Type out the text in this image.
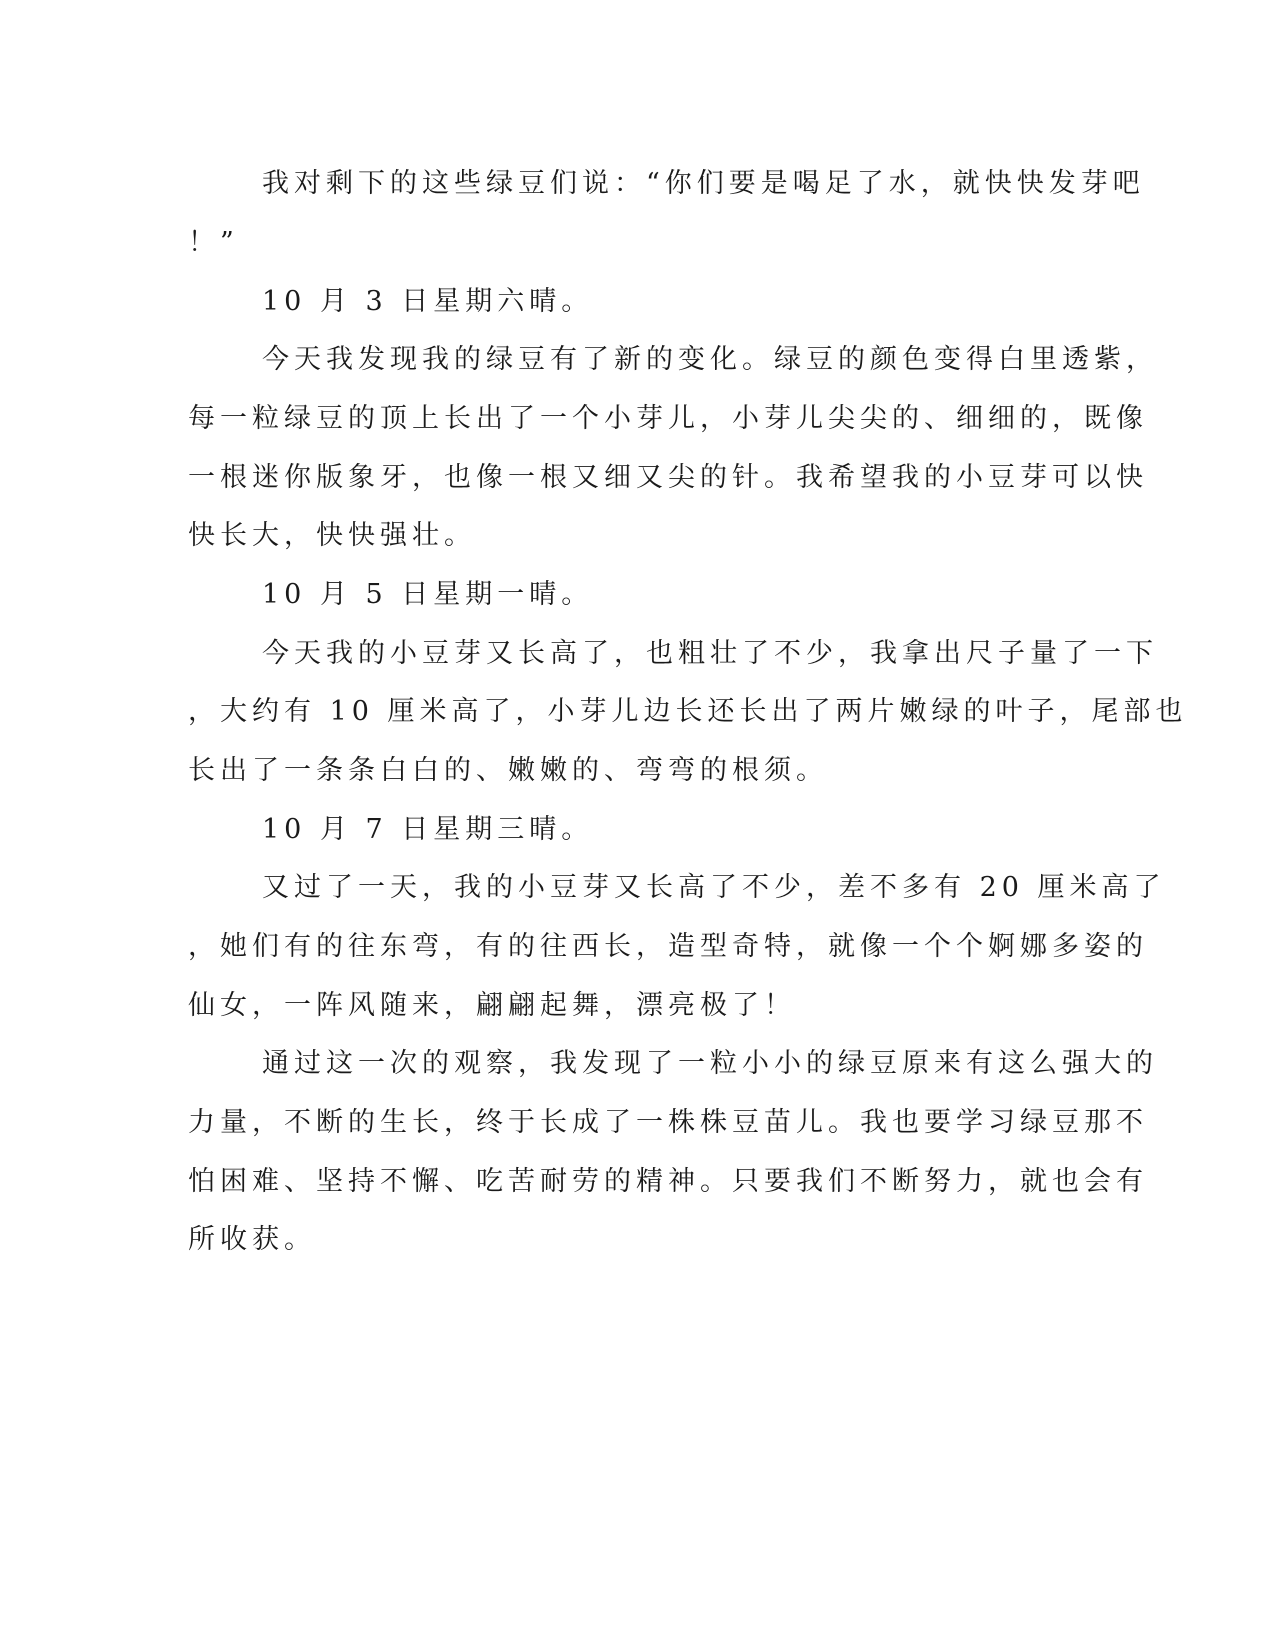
我对剩下的这些绿豆们说：“你们要是喝足了水，就快快发芽吧
！”
10 月 3 日星期六晴。
今天我发现我的绿豆有了新的变化。绿豆的颜色变得白里透紫，
每一粒绿豆的顶上长出了一个小芽儿，小芽儿尖尖的、细细的，既像
一根迷你版象牙，也像一根又细又尖的针。我希望我的小豆芽可以快
快长大，快快强壮。
10 月 5 日星期一晴。
今天我的小豆芽又长高了，也粗壮了不少，我拿出尺子量了一下
，大约有 10 厘米高了，小芽儿边长还长出了两片嫩绿的叶子，尾部也
长出了一条条白白的、嫩嫩的、弯弯的根须。
10 月 7 日星期三晴。
又过了一天，我的小豆芽又长高了不少，差不多有 20 厘米高了
，她们有的往东弯，有的往西长，造型奇特，就像一个个婀娜多姿的
仙女，一阵风随来，翩翩起舞，漂亮极了！
通过这一次的观察，我发现了一粒小小的绿豆原来有这么强大的
力量，不断的生长，终于长成了一株株豆苗儿。我也要学习绿豆那不
怕困难、坚持不懈、吃苦耐劳的精神。只要我们不断努力，就也会有
所收获。
